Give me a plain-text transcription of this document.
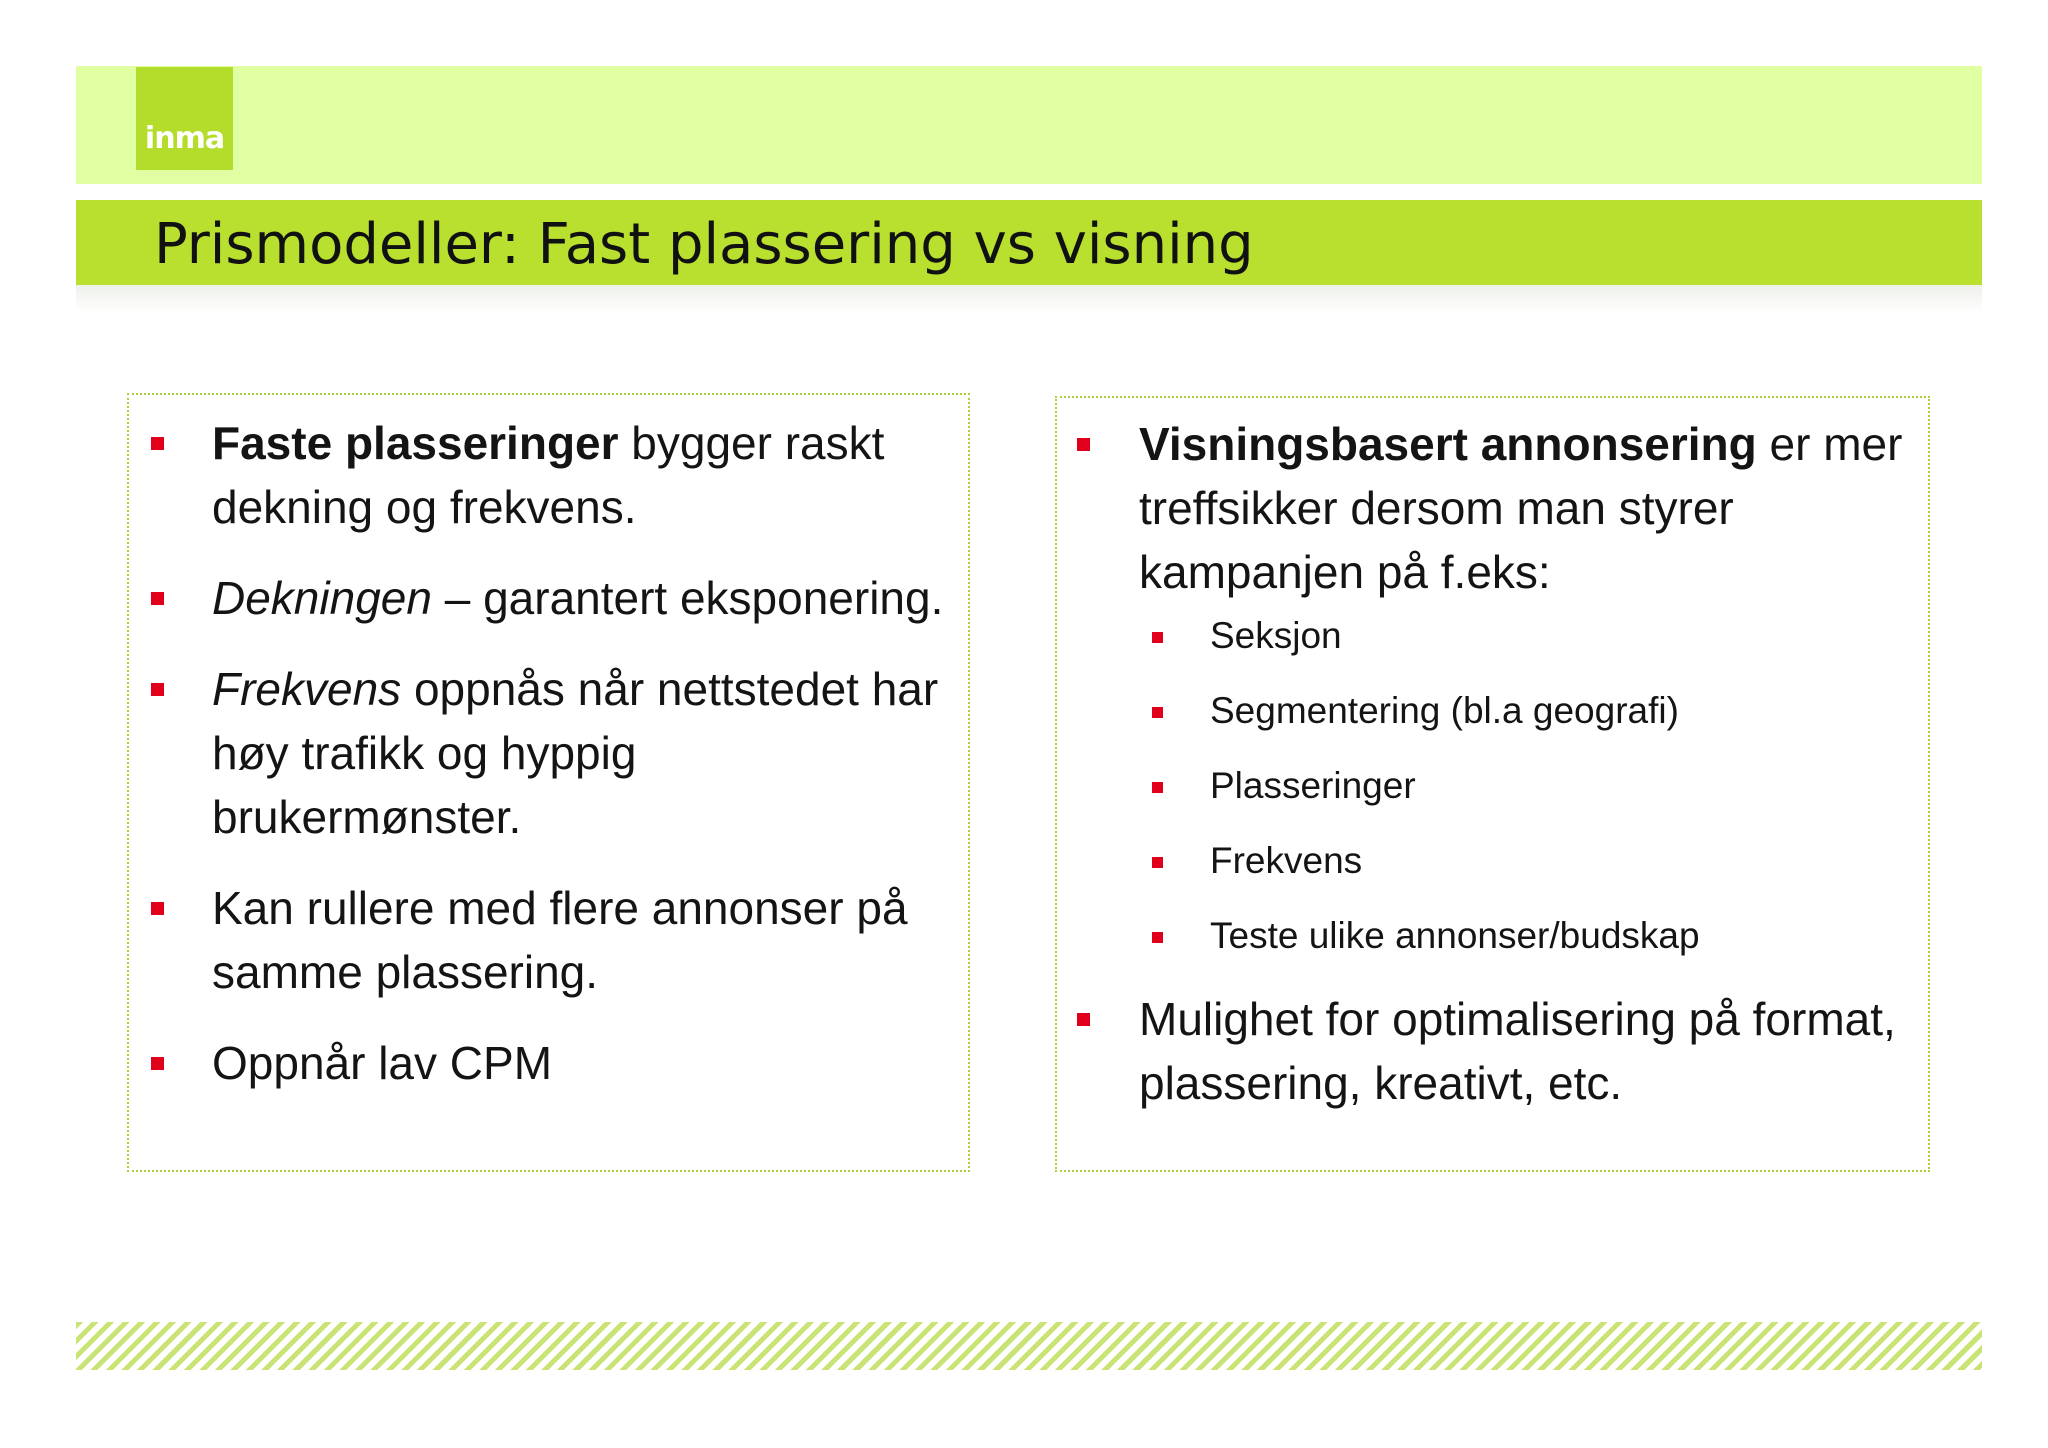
inma
Prismodeller: Fast plassering vs visning
Faste plasseringer bygger raskt dekning og frekvens.
Dekningen – garantert eksponering.
Frekvens oppnås når nettstedet har høy trafikk og hyppig brukermønster.
Kan rullere med flere annonser på samme plassering.
Oppnår lav CPM
Visningsbasert annonsering er mer treffsikker dersom man styrer kampanjen på f.eks:
Seksjon
Segmentering (bl.a geografi)
Plasseringer
Frekvens
Teste ulike annonser/budskap
Mulighet for optimalisering på format, plassering, kreativt, etc.
